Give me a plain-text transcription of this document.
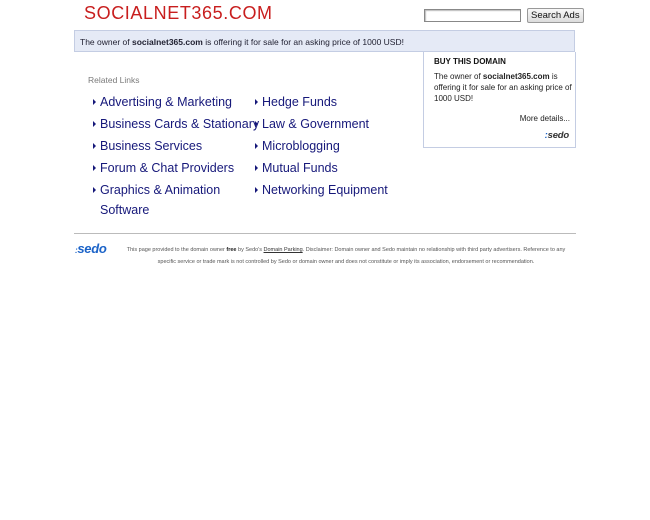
SOCIALNET365.COM	Search Ads
The owner of socialnet365.com is offering it for sale for an asking price of 1000 USD!
Related Links
Advertising & Marketing
Business Cards & Stationary
Business Services
Forum & Chat Providers
Graphics & Animation Software
Hedge Funds
Law & Government
Microblogging
Mutual Funds
Networking Equipment
BUY THIS DOMAIN
The owner of socialnet365.com is offering it for sale for an asking price of 1000 USD!
More details...
:sedo
:sedo	This page provided to the domain owner free by Sedo's Domain Parking. Disclaimer: Domain owner and Sedo maintain no relationship with third party advertisers. Reference to any specific service or trade mark is not controlled by Sedo or domain owner and does not constitute or imply its association, endorsement or recommendation.
